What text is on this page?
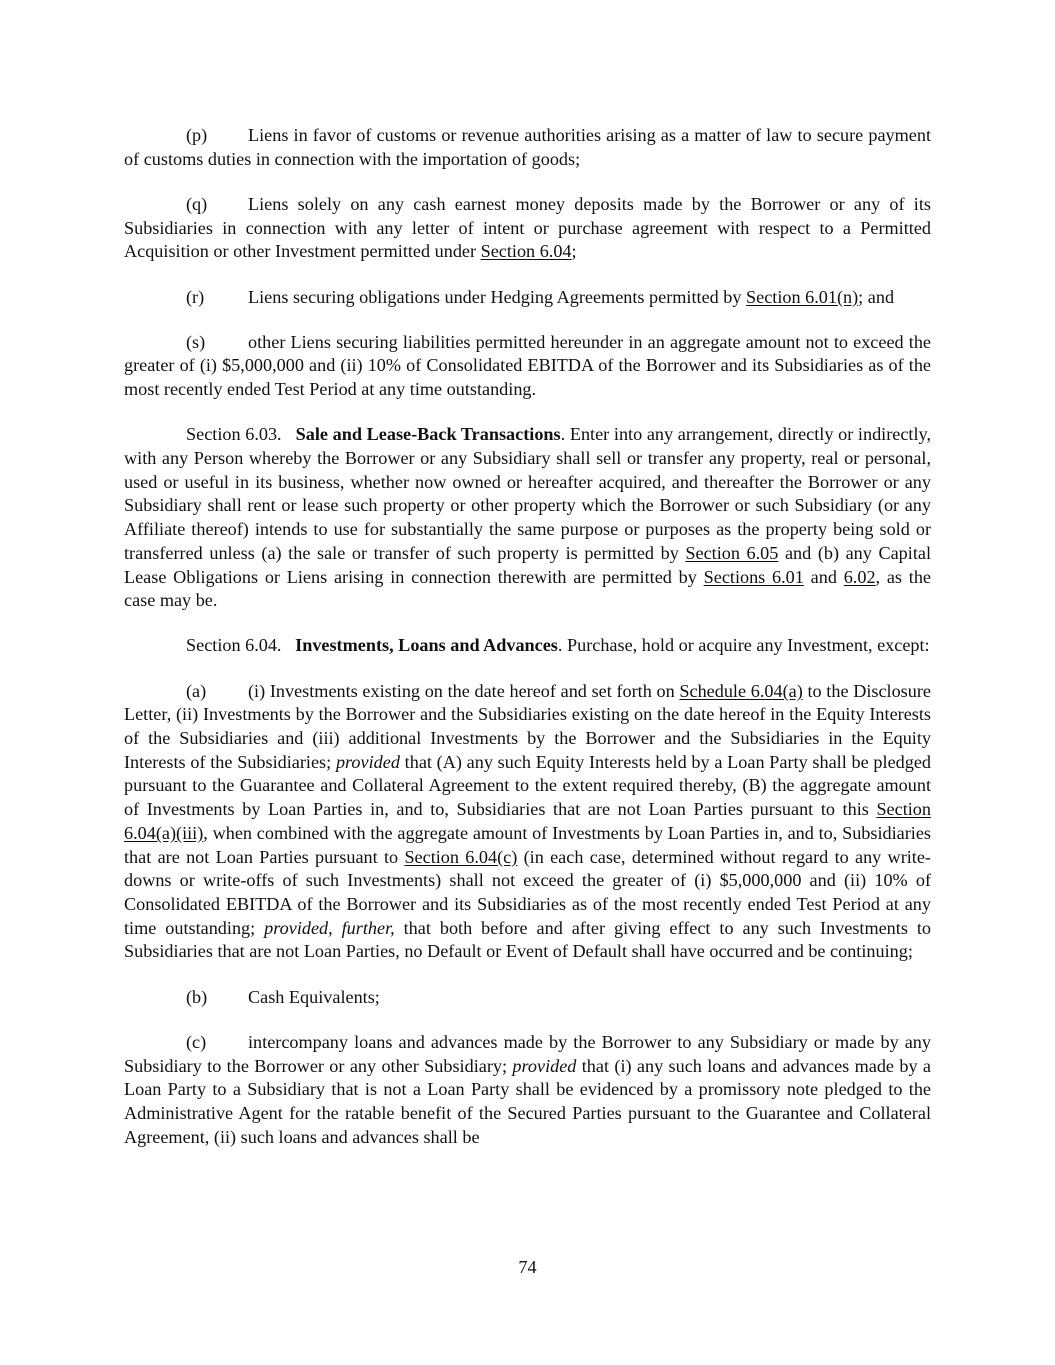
(p) Liens in favor of customs or revenue authorities arising as a matter of law to secure payment of customs duties in connection with the importation of goods;

(q) Liens solely on any cash earnest money deposits made by the Borrower or any of its Subsidiaries in connection with any letter of intent or purchase agreement with respect to a Permitted Acquisition or other Investment permitted under Section 6.04;

(r) Liens securing obligations under Hedging Agreements permitted by Section 6.01(n); and

(s) other Liens securing liabilities permitted hereunder in an aggregate amount not to exceed the greater of (i) $5,000,000 and (ii) 10% of Consolidated EBITDA of the Borrower and its Subsidiaries as of the most recently ended Test Period at any time outstanding.

Section 6.03. Sale and Lease-Back Transactions. Enter into any arrangement, directly or indirectly, with any Person whereby the Borrower or any Subsidiary shall sell or transfer any property, real or personal, used or useful in its business, whether now owned or hereafter acquired, and thereafter the Borrower or any Subsidiary shall rent or lease such property or other property which the Borrower or such Subsidiary (or any Affiliate thereof) intends to use for substantially the same purpose or purposes as the property being sold or transferred unless (a) the sale or transfer of such property is permitted by Section 6.05 and (b) any Capital Lease Obligations or Liens arising in connection therewith are permitted by Sections 6.01 and 6.02, as the case may be.

Section 6.04. Investments, Loans and Advances. Purchase, hold or acquire any Investment, except:

(a) (i) Investments existing on the date hereof and set forth on Schedule 6.04(a) to the Disclosure Letter, (ii) Investments by the Borrower and the Subsidiaries existing on the date hereof in the Equity Interests of the Subsidiaries and (iii) additional Investments by the Borrower and the Subsidiaries in the Equity Interests of the Subsidiaries; provided that (A) any such Equity Interests held by a Loan Party shall be pledged pursuant to the Guarantee and Collateral Agreement to the extent required thereby, (B) the aggregate amount of Investments by Loan Parties in, and to, Subsidiaries that are not Loan Parties pursuant to this Section 6.04(a)(iii), when combined with the aggregate amount of Investments by Loan Parties in, and to, Subsidiaries that are not Loan Parties pursuant to Section 6.04(c) (in each case, determined without regard to any write-downs or write-offs of such Investments) shall not exceed the greater of (i) $5,000,000 and (ii) 10% of Consolidated EBITDA of the Borrower and its Subsidiaries as of the most recently ended Test Period at any time outstanding; provided, further, that both before and after giving effect to any such Investments to Subsidiaries that are not Loan Parties, no Default or Event of Default shall have occurred and be continuing;

(b) Cash Equivalents;

(c) intercompany loans and advances made by the Borrower to any Subsidiary or made by any Subsidiary to the Borrower or any other Subsidiary; provided that (i) any such loans and advances made by a Loan Party to a Subsidiary that is not a Loan Party shall be evidenced by a promissory note pledged to the Administrative Agent for the ratable benefit of the Secured Parties pursuant to the Guarantee and Collateral Agreement, (ii) such loans and advances shall be

74
